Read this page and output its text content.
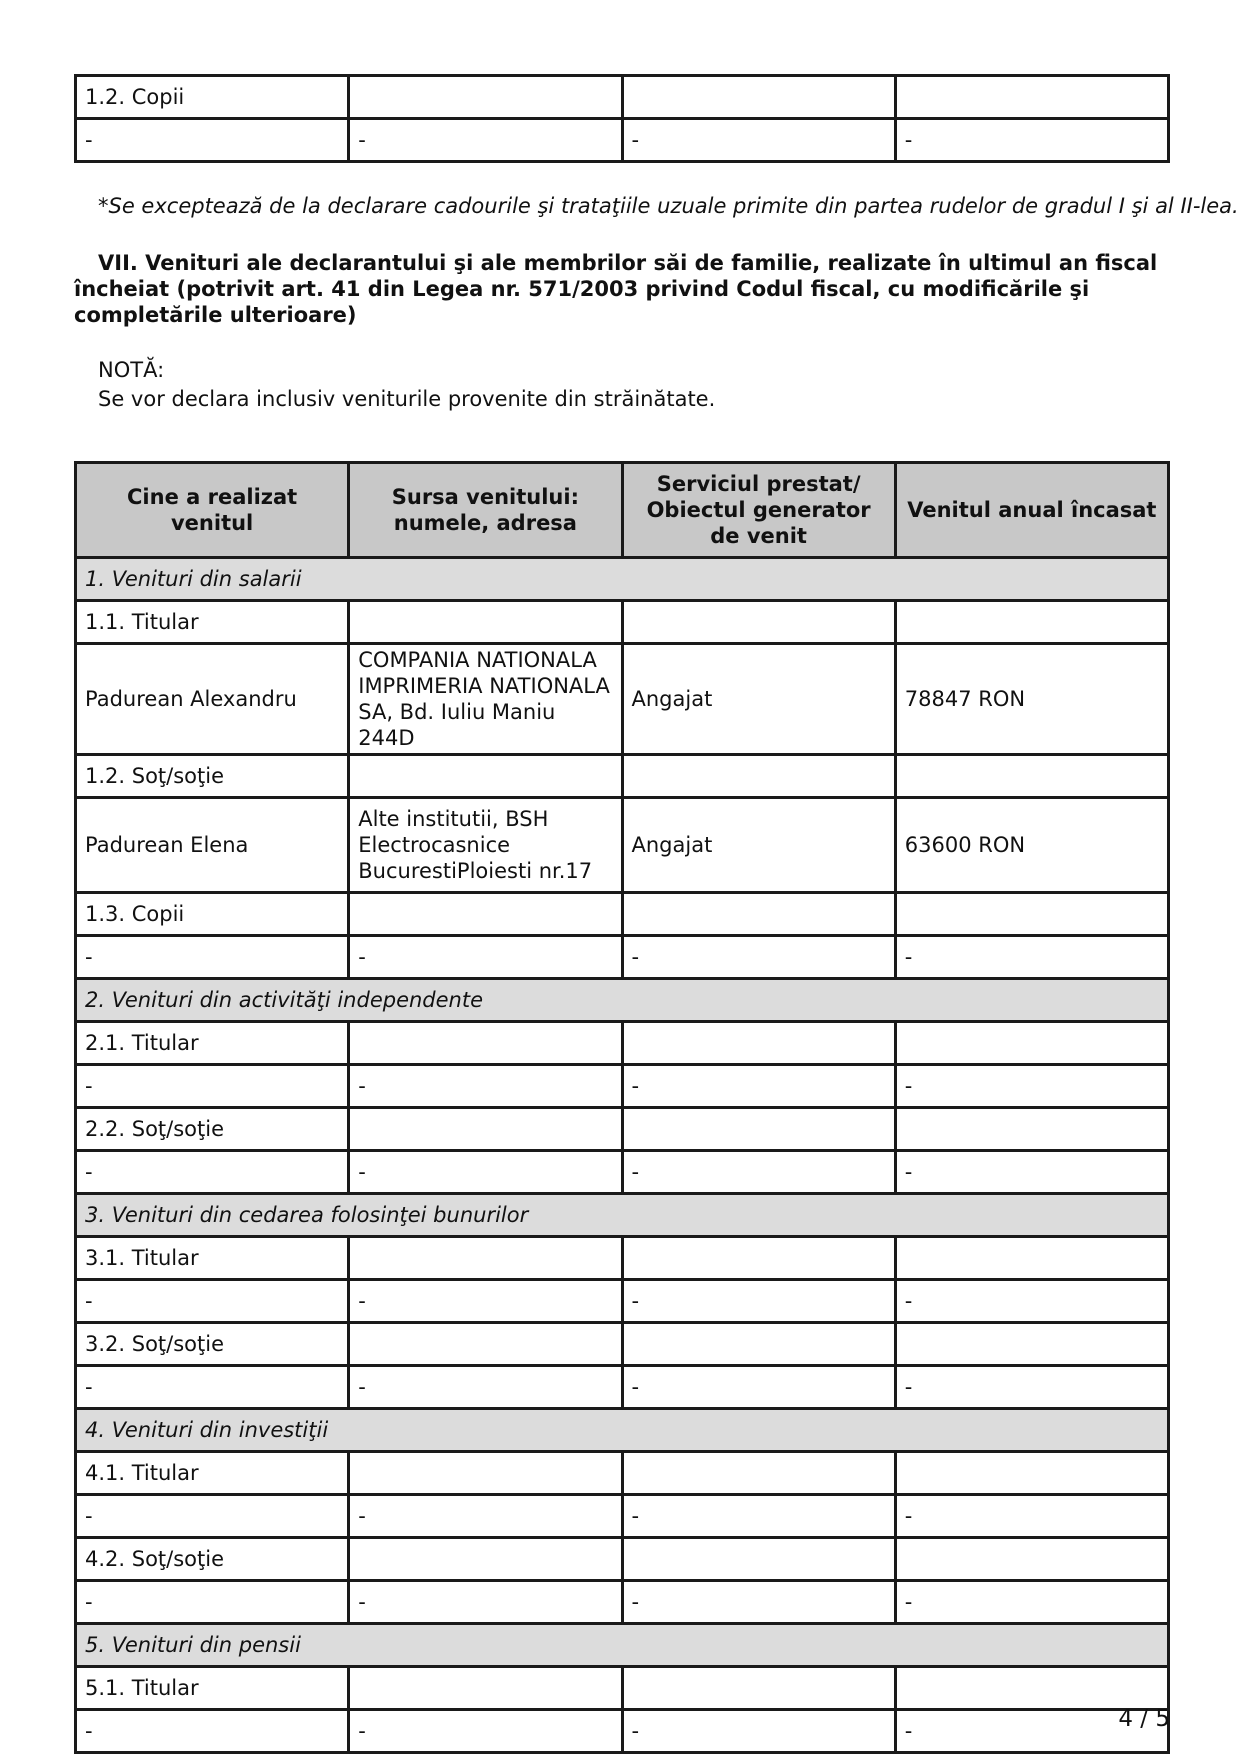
1.2. Copii			
-	-	-	-

*Se exceptează de la declarare cadourile şi trataţiile uzuale primite din partea rudelor de gradul I şi al II-lea.

VII. Venituri ale declarantului şi ale membrilor săi de familie, realizate în ultimul an fiscal încheiat (potrivit art. 41 din Legea nr. 571/2003 privind Codul fiscal, cu modificările şi completările ulterioare)

NOTĂ:

Se vor declara inclusiv veniturile provenite din străinătate.

Cine a realizat venitul	Sursa venitului: numele, adresa	Serviciul prestat/ Obiectul generator de venit	Venitul anual încasat
1. Venituri din salarii			
1.1. Titular			
Padurean Alexandru	COMPANIA NATIONALA IMPRIMERIA NATIONALA SA, Bd. Iuliu Maniu 244D	Angajat	78847 RON
1.2. Soţ/soţie			
Padurean Elena	Alte institutii, BSH Electrocasnice BucurestiPloiesti nr.17	Angajat	63600 RON
1.3. Copii			
-	-	-	-
2. Venituri din activităţi independente			
2.1. Titular			
-	-	-	-
2.2. Soţ/soţie			
-	-	-	-
3. Venituri din cedarea folosinţei bunurilor			
3.1. Titular			
-	-	-	-
3.2. Soţ/soţie			
-	-	-	-
4. Venituri din investiţii			
4.1. Titular			
-	-	-	-
4.2. Soţ/soţie			
-	-	-	-
5. Venituri din pensii			
5.1. Titular			
-	-	-	-	4 / 5
